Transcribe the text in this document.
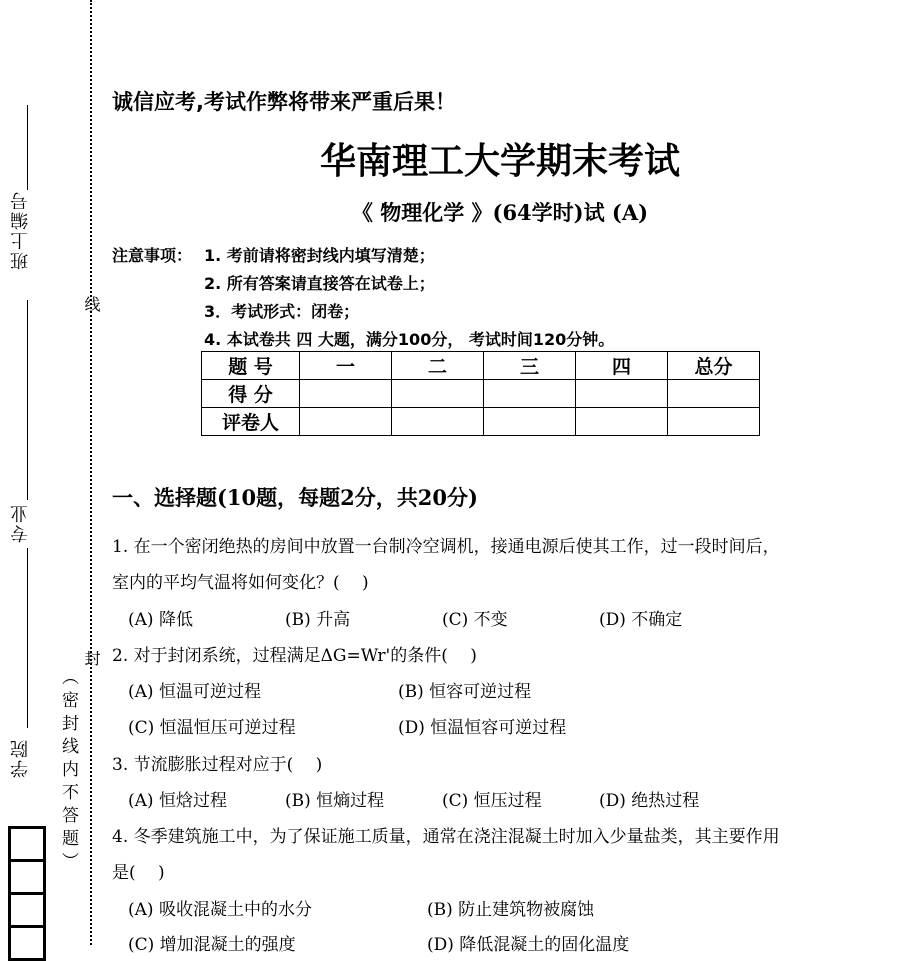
班上编号
专业
学院
线
封
（密封线内不答题）
诚信应考,考试作弊将带来严重后果！
华南理工大学期末考试
《 物理化学 》(64学时)试 (A)
注意事项： 1. 考前请将密封线内填写清楚；
2. 所有答案请直接答在试卷上；
3．考试形式：闭卷；
4. 本试卷共 四 大题，满分100分， 考试时间120分钟。
题 号	一	二	三	四	总分
得 分					
评卷人					
一、选择题(10题，每题2分，共20分)
1. 在一个密闭绝热的房间中放置一台制冷空调机，接通电源后使其工作，过一段时间后，
室内的平均气温将如何变化？(　 )
(A) 降低	(B) 升高	(C) 不变	(D) 不确定
2. 对于封闭系统，过程满足ΔG=Wr'的条件(　 )
(A) 恒温可逆过程	(B) 恒容可逆过程
(C) 恒温恒压可逆过程	(D) 恒温恒容可逆过程
3. 节流膨胀过程对应于(　 )
(A) 恒焓过程	(B) 恒熵过程	(C) 恒压过程	(D) 绝热过程
4. 冬季建筑施工中，为了保证施工质量，通常在浇注混凝土时加入少量盐类，其主要作用
是(　 )
(A) 吸收混凝土中的水分	(B) 防止建筑物被腐蚀
(C) 增加混凝土的强度	(D) 降低混凝土的固化温度
